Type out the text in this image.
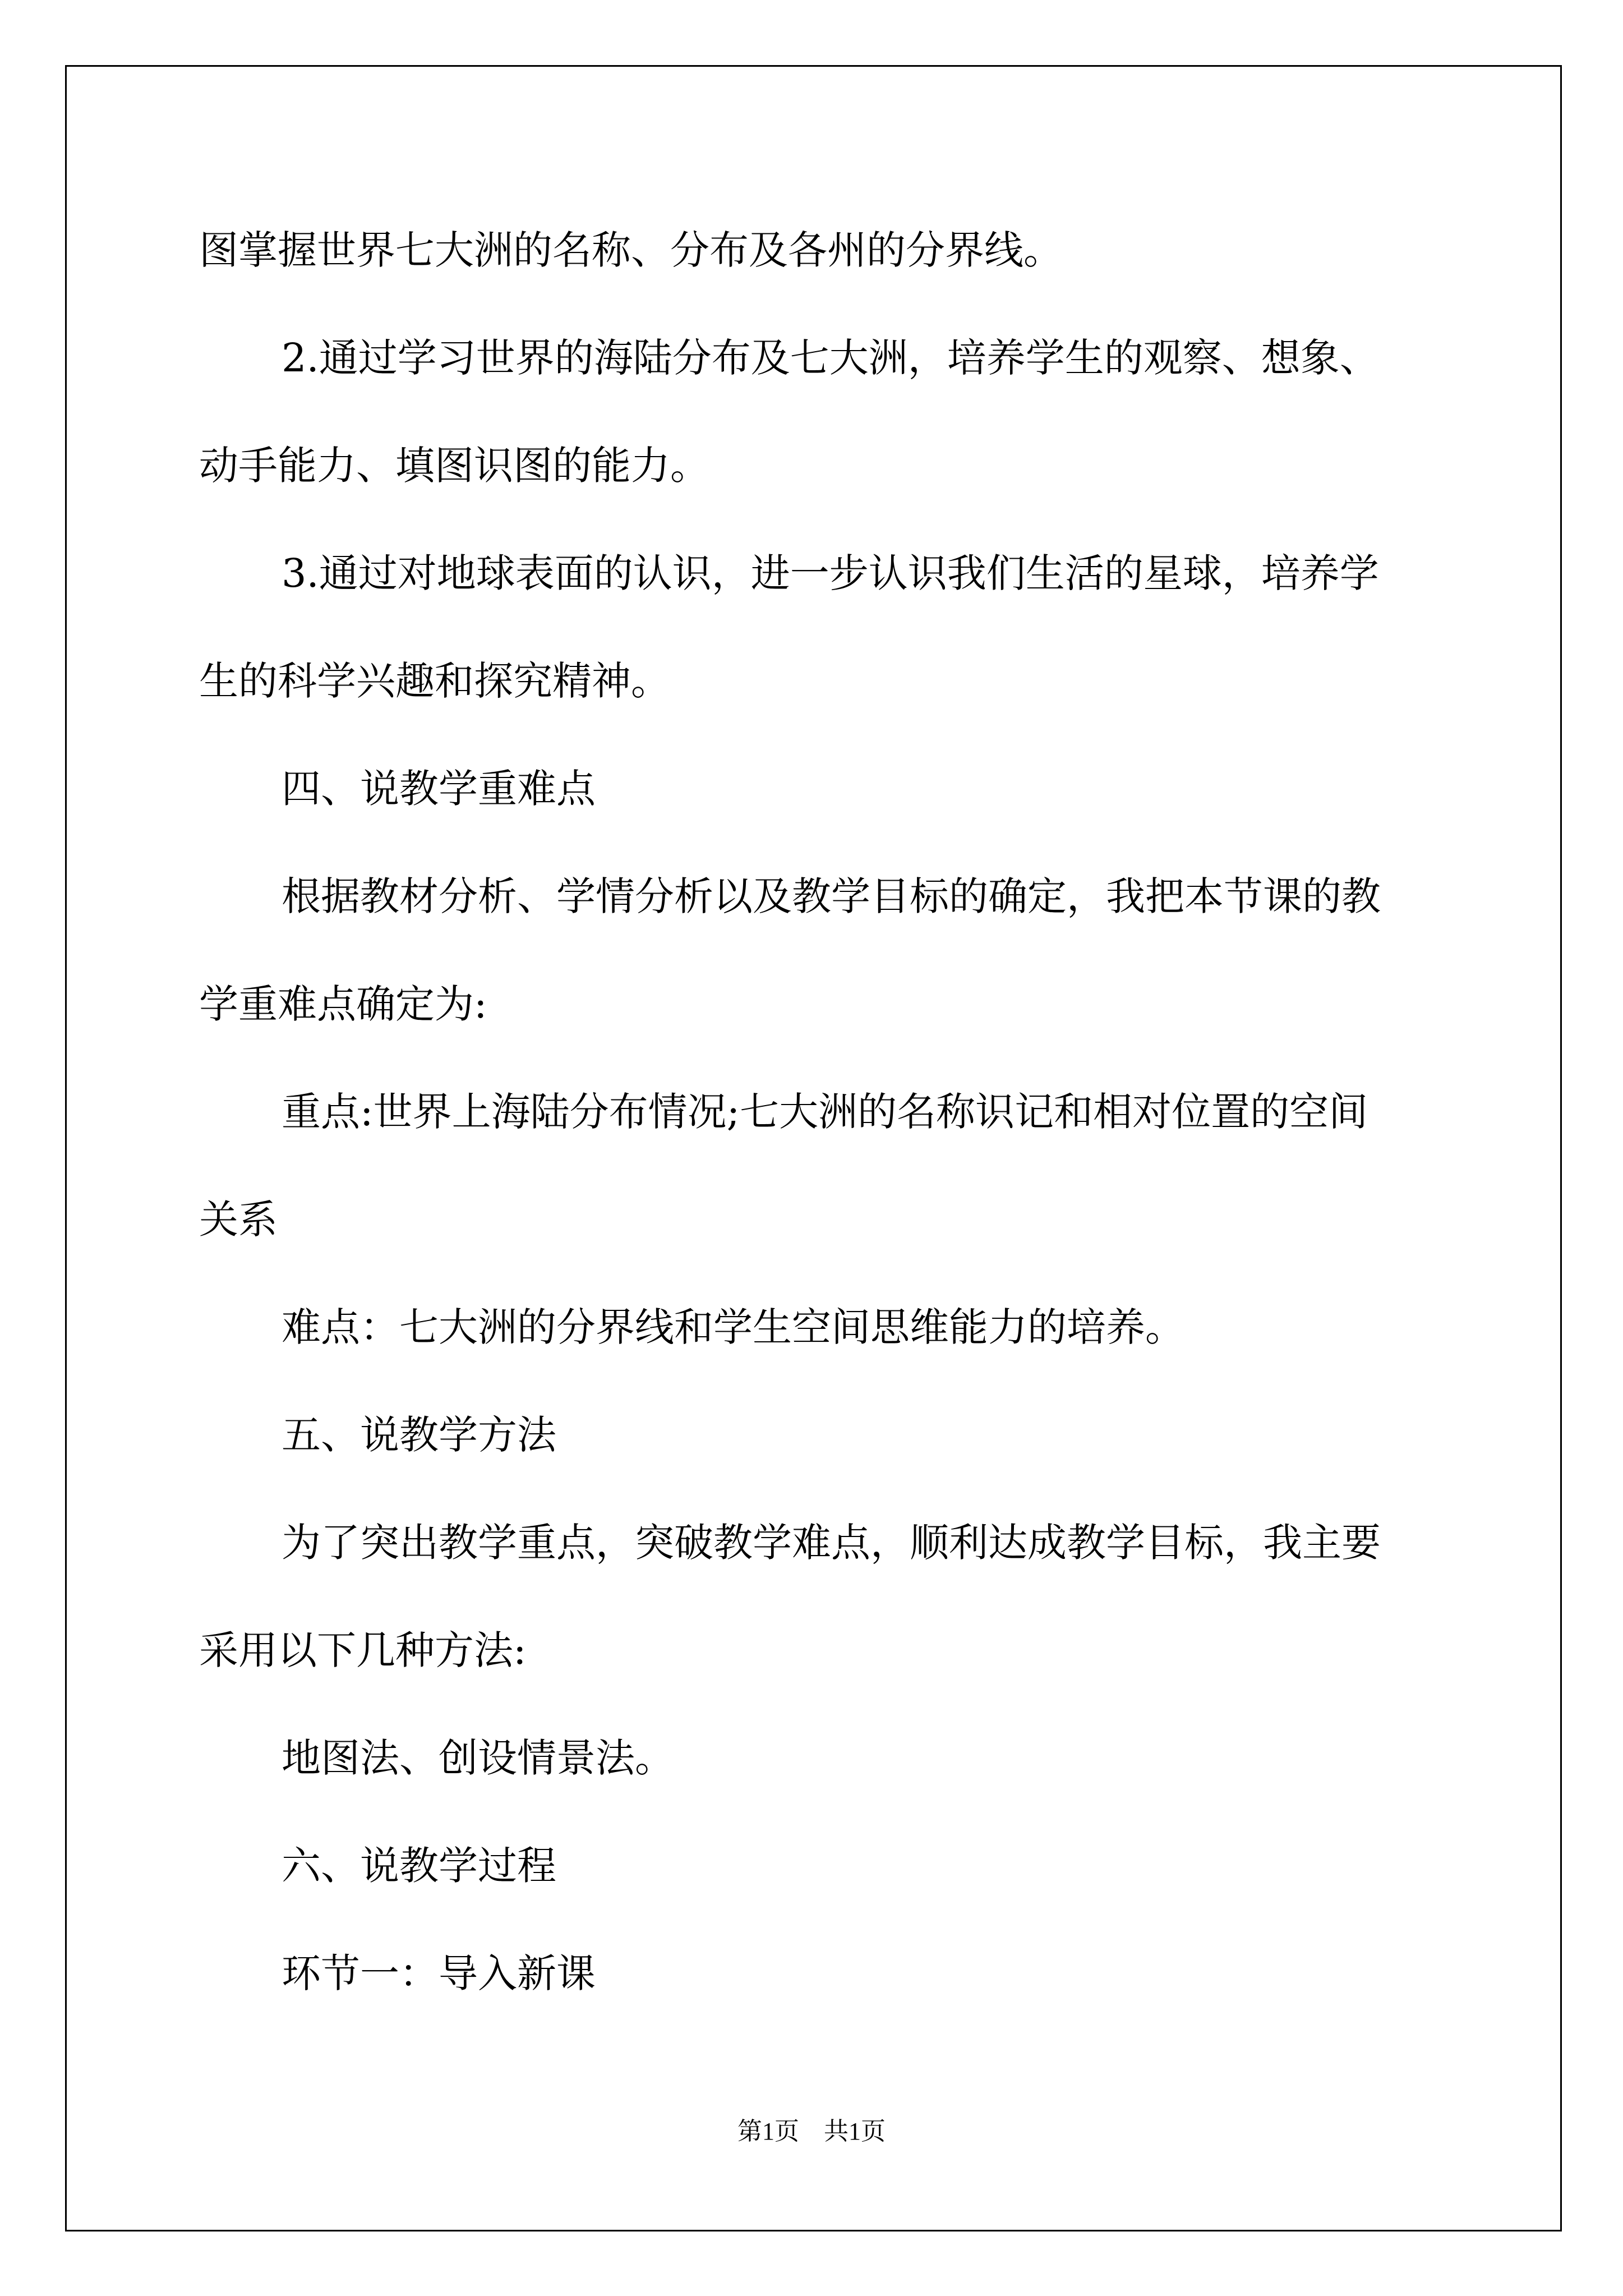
图掌握世界七大洲的名称、分布及各州的分界线。

2.通过学习世界的海陆分布及七大洲，培养学生的观察、想象、

动手能力、填图识图的能力。

3.通过对地球表面的认识，进一步认识我们生活的星球，培养学

生的科学兴趣和探究精神。

四、说教学重难点

根据教材分析、学情分析以及教学目标的确定，我把本节课的教

学重难点确定为:

重点:世界上海陆分布情况;七大洲的名称识记和相对位置的空间

关系

难点：七大洲的分界线和学生空间思维能力的培养。

五、说教学方法

为了突出教学重点，突破教学难点，顺利达成教学目标，我主要

采用以下几种方法:

地图法、创设情景法。

六、说教学过程

环节一：导入新课

第1页 共1页
